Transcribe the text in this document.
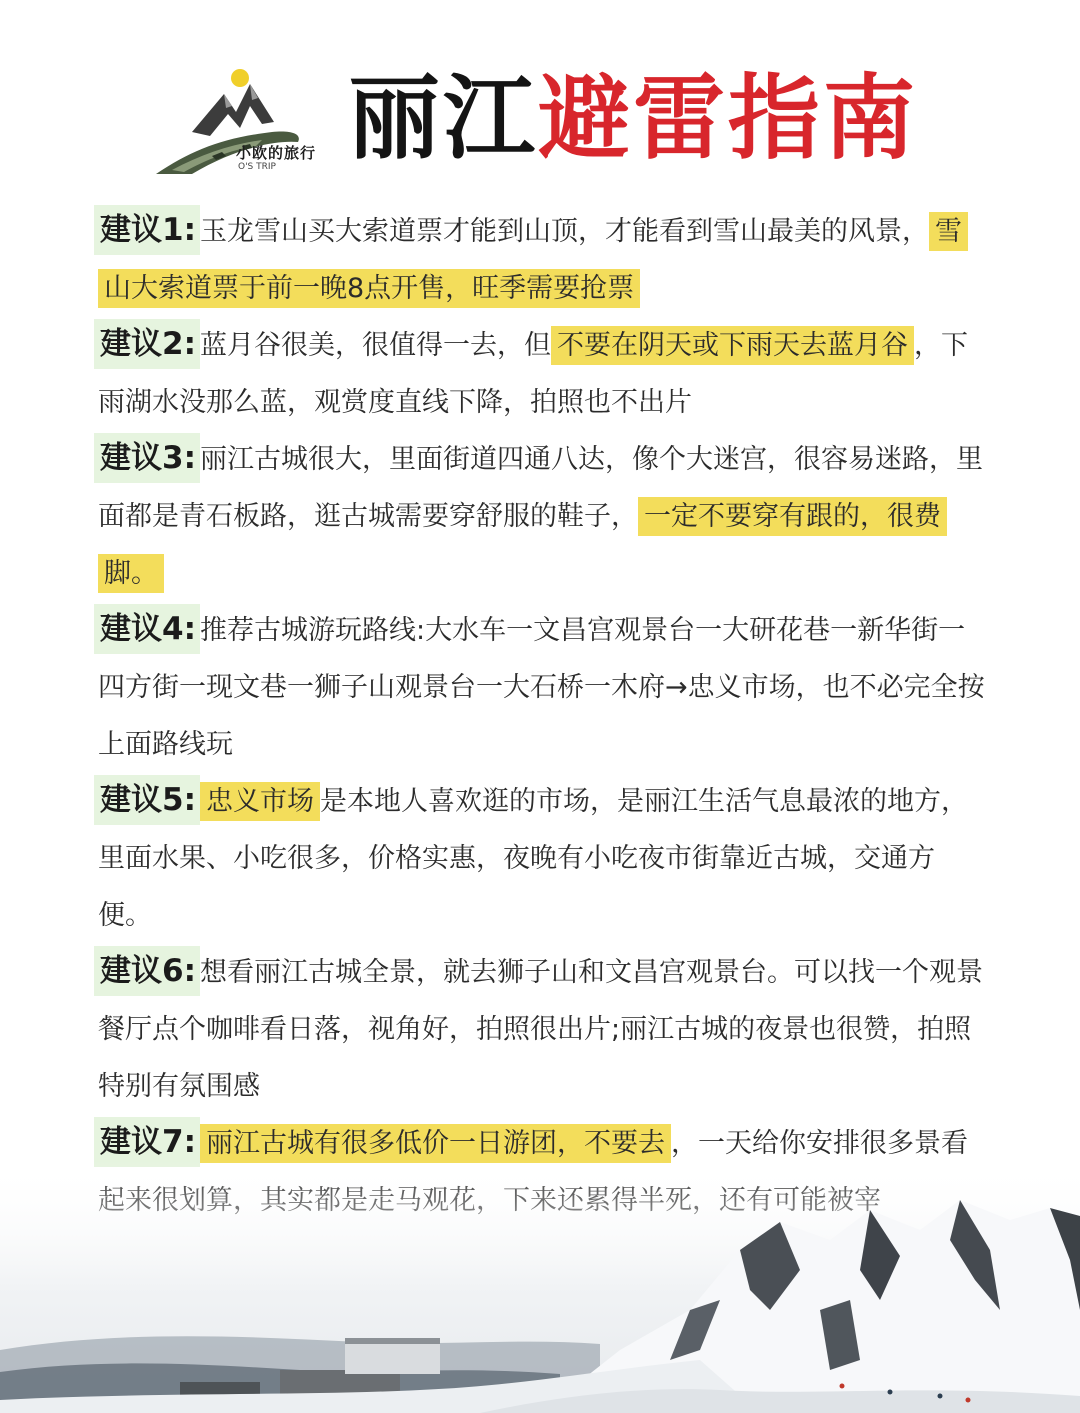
小欧的旅行
O'S TRIP 丽江避雷指南

建议1: 玉龙雪山买大索道票才能到山顶，才能看到雪山最美的风景， 雪山大索道票于前一晚8点开售，旺季需要抢票

建议2: 蓝月谷很美，很值得一去，但 不要在阴天或下雨天去蓝月谷 ，下雨湖水没那么蓝，观赏度直线下降，拍照也不出片

建议3: 丽江古城很大，里面街道四通八达，像个大迷宫，很容易迷路，里面都是青石板路，逛古城需要穿舒服的鞋子， 一定不要穿有跟的，很费脚。

建议4: 推荐古城游玩路线:大水车一文昌宫观景台一大研花巷一新华街一四方街一现文巷一狮子山观景台一大石桥一木府→忠义市场，也不必完全按上面路线玩

建议5: 忠义市场 是本地人喜欢逛的市场，是丽江生活气息最浓的地方，里面水果、小吃很多，价格实惠，夜晚有小吃夜市街靠近古城，交通方便。

建议6: 想看丽江古城全景，就去狮子山和文昌宫观景台。可以找一个观景餐厅点个咖啡看日落，视角好，拍照很出片;丽江古城的夜景也很赞，拍照特别有氛围感

建议7: 丽江古城有很多低价一日游团，不要去 ，一天给你安排很多景看
